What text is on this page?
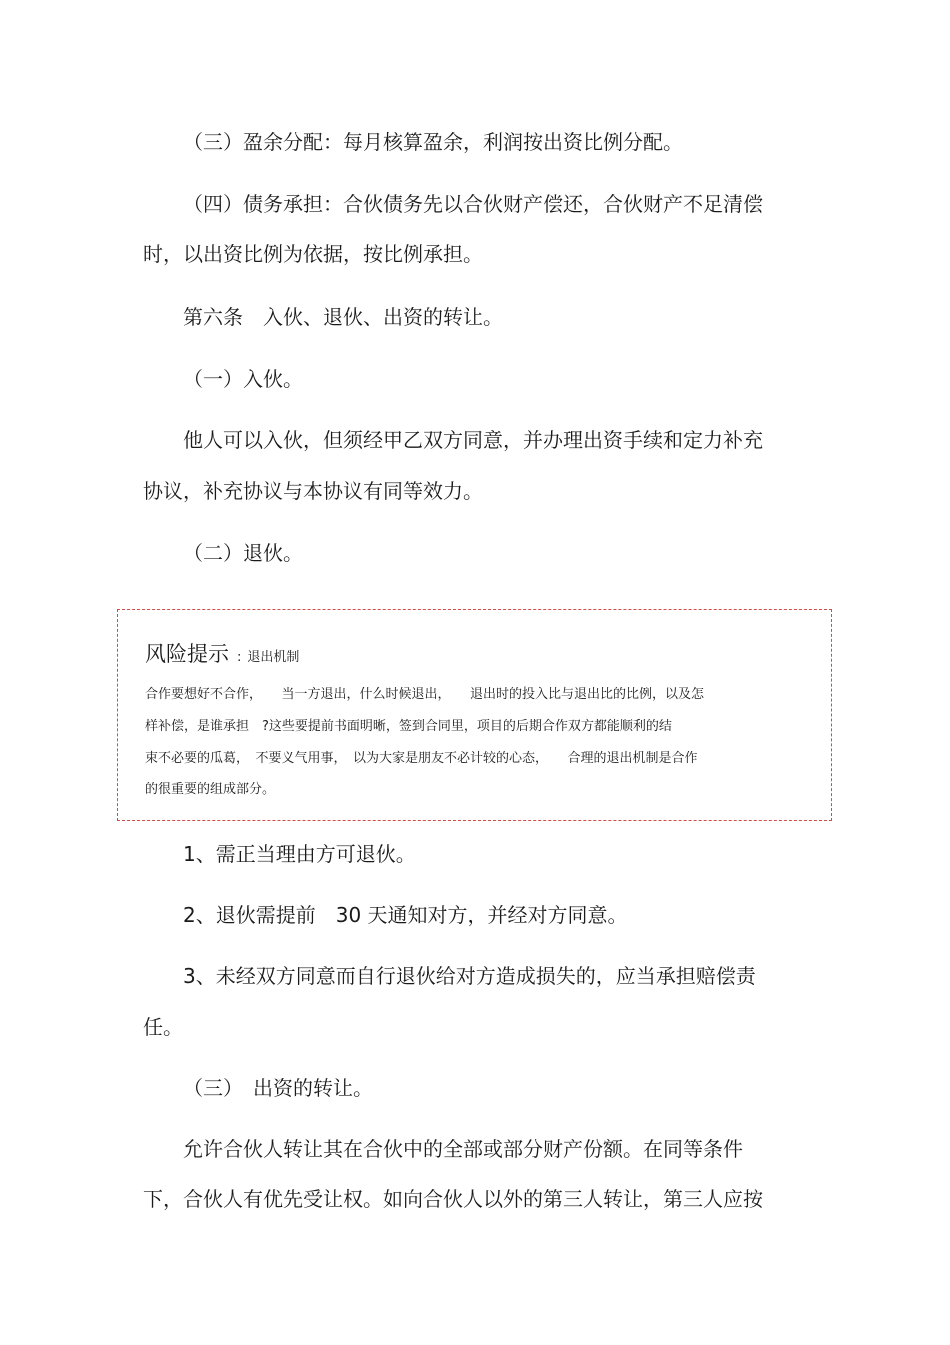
（三）盈余分配：每月核算盈余，利润按出资比例分配。

（四）债务承担：合伙债务先以合伙财产偿还，合伙财产不足清偿

时，以出资比例为依据，按比例承担。

第六条　入伙、退伙、出资的转让。

（一）入伙。

他人可以入伙，但须经甲乙双方同意，并办理出资手续和定力补充

协议，补充协议与本协议有同等效力。

（二）退伙。

风险提示 : 退出机制
合作要想好不合作，　　当一方退出，什么时候退出，　　退出时的投入比与退出比的比例，以及怎
样补偿，是谁承担　?这些要提前书面明晰，签到合同里，项目的后期合作双方都能顺利的结
束不必要的瓜葛，　不要义气用事，　以为大家是朋友不必计较的心态，　　合理的退出机制是合作
的很重要的组成部分。

1、需正当理由方可退伙。

2、退伙需提前　30 天通知对方，并经对方同意。

3、未经双方同意而自行退伙给对方造成损失的，应当承担赔偿责

任。

（三）　出资的转让。

允许合伙人转让其在合伙中的全部或部分财产份额。在同等条件

下，合伙人有优先受让权。如向合伙人以外的第三人转让，第三人应按
